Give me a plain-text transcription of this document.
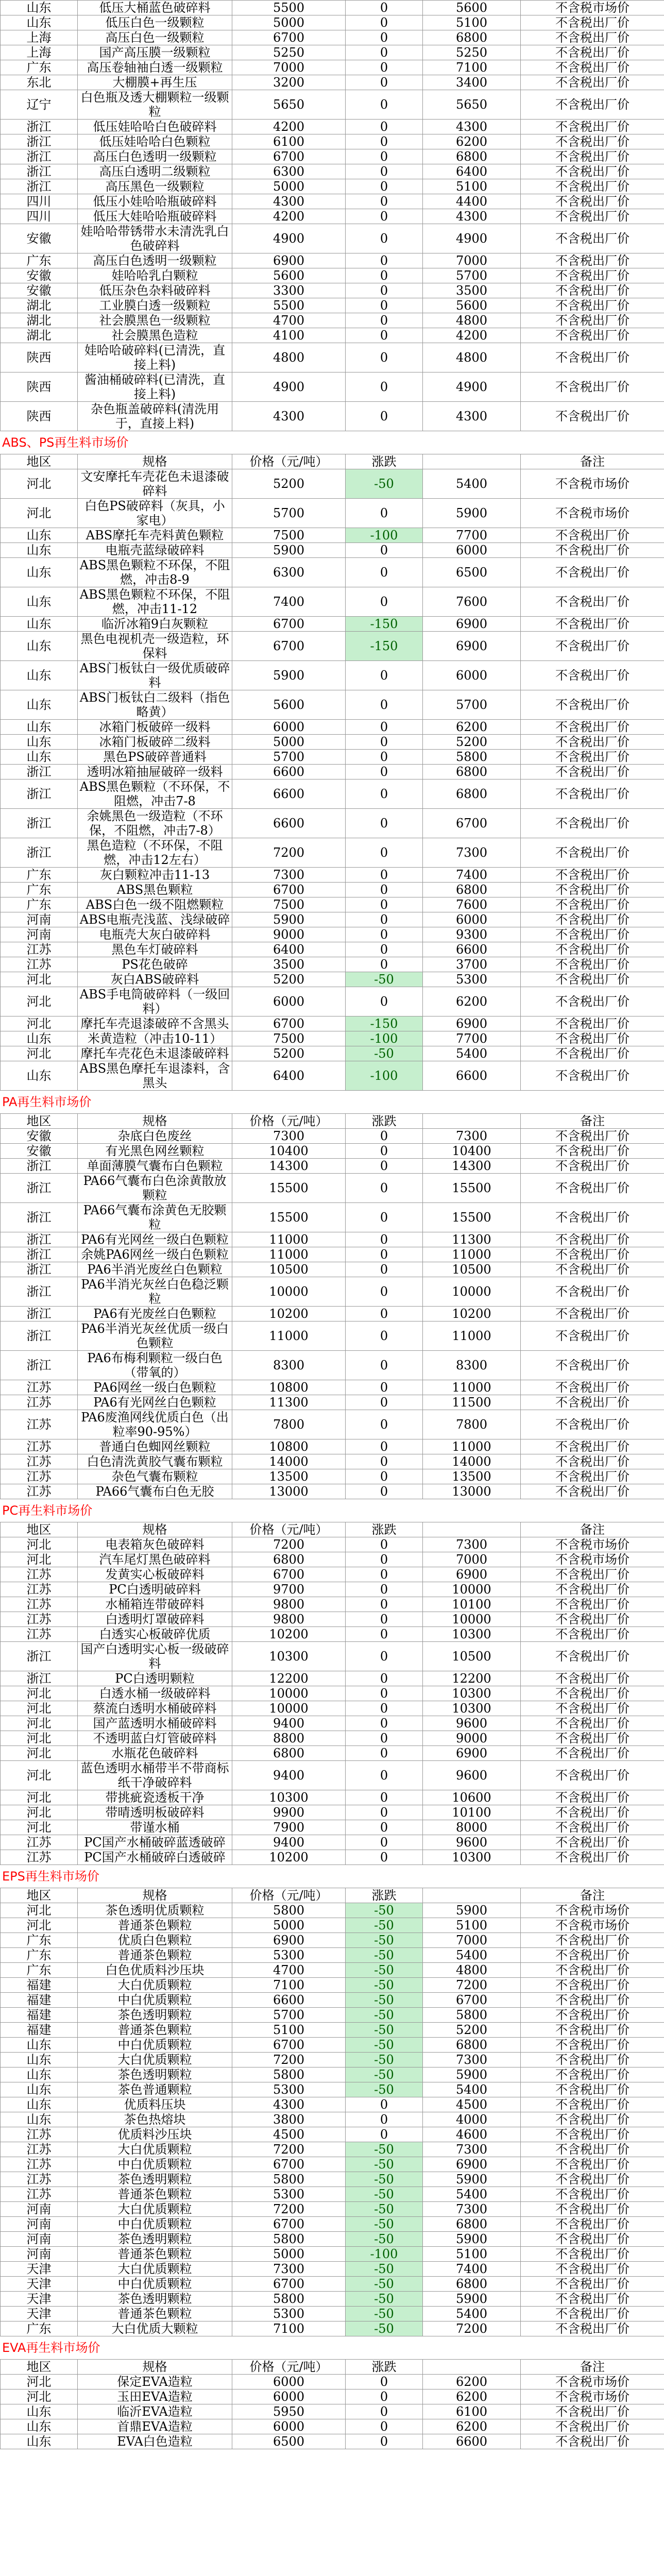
山东	低压大桶蓝色破碎料	5500	0	5600	不含税市场价
山东	低压白色一级颗粒	5000	0	5100	不含税出厂价
上海	高压白色一级颗粒	6700	0	6800	不含税出厂价
上海	国产高压膜一级颗粒	5250	0	5250	不含税出厂价
广东	高压卷轴袖白透一级颗粒	7000	0	7100	不含税出厂价
东北	大棚膜+再生压	3200	0	3400	不含税出厂价
辽宁	白色瓶及透大棚颗粒一级颗粒	5650	0	5650	不含税出厂价
浙江	低压娃哈哈白色破碎料	4200	0	4300	不含税出厂价
浙江	低压娃哈哈白色颗粒	6100	0	6200	不含税出厂价
浙江	高压白色透明一级颗粒	6700	0	6800	不含税出厂价
浙江	高压白透明二级颗粒	6300	0	6400	不含税出厂价
浙江	高压黑色一级颗粒	5000	0	5100	不含税出厂价
四川	低压小娃哈哈瓶破碎料	4300	0	4400	不含税出厂价
四川	低压大娃哈哈瓶破碎料	4200	0	4300	不含税出厂价
安徽	娃哈哈带锈带水未清洗乳白色破碎料	4900	0	4900	不含税出厂价
广东	高压白色透明一级颗粒	6900	0	7000	不含税出厂价
安徽	娃哈哈乳白颗粒	5600	0	5700	不含税出厂价
安徽	低压杂色杂料破碎料	3300	0	3500	不含税出厂价
湖北	工业膜白透一级颗粒	5500	0	5600	不含税出厂价
湖北	社会膜黑色一级颗粒	4700	0	4800	不含税出厂价
湖北	社会膜黑色造粒	4100	0	4200	不含税出厂价
陕西	娃哈哈破碎料(已清洗，直接上料)	4800	0	4800	不含税出厂价
陕西	酱油桶破碎料(已清洗，直接上料)	4900	0	4900	不含税出厂价
陕西	杂色瓶盖破碎料(清洗用于，直接上料)	4300	0	4300	不含税出厂价
ABS、PS再生料市场价
地区	规格	价格（元/吨）	涨跌		备注
河北	文安摩托车壳花色未退漆破碎料	5200	-50	5400	不含税市场价
河北	白色PS破碎料（灰具，小家电）	5700	0	5900	不含税市场价
山东	ABS摩托车壳料黄色颗粒	7500	-100	7700	不含税出厂价
山东	电瓶壳蓝绿破碎料	5900	0	6000	不含税出厂价
山东	ABS黑色颗粒不环保，不阻燃，冲击8-9	6300	0	6500	不含税出厂价
山东	ABS黑色颗粒不环保，不阻燃，冲击11-12	7400	0	7600	不含税出厂价
山东	临沂冰箱9白灰颗粒	6700	-150	6900	不含税出厂价
山东	黑色电视机壳一级造粒，环保料	6700	-150	6900	不含税出厂价
山东	ABS门板钛白一级优质破碎料	5900	0	6000	不含税出厂价
山东	ABS门板钛白二级料（指色略黄）	5600	0	5700	不含税出厂价
山东	冰箱门板破碎一级料	6000	0	6200	不含税出厂价
山东	冰箱门板破碎二级料	5000	0	5200	不含税出厂价
山东	黑色PS破碎普通料	5700	0	5800	不含税出厂价
浙江	透明冰箱抽屉破碎一级料	6600	0	6800	不含税出厂价
浙江	ABS黑色颗粒（不环保，不阻燃，冲击7-8	6600	0	6800	不含税出厂价
浙江	余姚黑色一级造粒（不环保，不阻燃，冲击7-8）	6600	0	6700	不含税出厂价
浙江	黑色造粒（不环保，不阻燃，冲击12左右）	7200	0	7300	不含税出厂价
广东	灰白颗粒冲击11-13	7300	0	7400	不含税出厂价
广东	ABS黑色颗粒	6700	0	6800	不含税出厂价
广东	ABS白色一级不阻燃颗粒	7500	0	7600	不含税出厂价
河南	ABS电瓶壳浅蓝、浅绿破碎	5900	0	6000	不含税出厂价
河南	电瓶壳大灰白破碎料	9000	0	9300	不含税出厂价
江苏	黑色车灯破碎料	6400	0	6600	不含税出厂价
江苏	PS花色破碎	3500	0	3700	不含税出厂价
河北	灰白ABS破碎料	5200	-50	5300	不含税出厂价
河北	ABS手电筒破碎料（一级回料）	6000	0	6200	不含税出厂价
河北	摩托车壳退漆破碎不含黑头	6700	-150	6900	不含税出厂价
山东	米黄造粒（冲击10-11）	7500	-100	7700	不含税出厂价
河北	摩托车壳花色未退漆破碎料	5200	-50	5400	不含税出厂价
山东	ABS黑色摩托车退漆料，含黑头	6400	-100	6600	不含税出厂价
PA再生料市场价
地区	规格	价格（元/吨）	涨跌		备注
安徽	杂底白色废丝	7300	0	7300	不含税出厂价
安徽	有光黑色网丝颗粒	10400	0	10400	不含税出厂价
浙江	单面薄膜气囊布白色颗粒	14300	0	14300	不含税出厂价
浙江	PA66气囊布白色涂黄散放颗粒	15500	0	15500	不含税出厂价
浙江	PA66气囊布涂黄色无胶颗粒	15500	0	15500	不含税出厂价
浙江	PA6有光网丝一级白色颗粒	11000	0	11300	不含税出厂价
浙江	余姚PA6网丝一级白色颗粒	11000	0	11000	不含税出厂价
浙江	PA6半消光废丝白色颗粒	10500	0	10500	不含税出厂价
浙江	PA6半消光灰丝白色稳泛颗粒	10000	0	10000	不含税出厂价
浙江	PA6有光废丝白色颗粒	10200	0	10200	不含税出厂价
浙江	PA6半消光灰丝优质一级白色颗粒	11000	0	11000	不含税出厂价
浙江	PA6布梅利颗粒一级白色（带氧的）	8300	0	8300	不含税出厂价
江苏	PA6网丝一级白色颗粒	10800	0	11000	不含税出厂价
江苏	PA6有光网丝白色颗粒	11300	0	11500	不含税出厂价
江苏	PA6废渔网线优质白色（出粒率90-95%）	7800	0	7800	不含税出厂价
江苏	普通白色蜘网丝颗粒	10800	0	11000	不含税出厂价
江苏	白色清洗黄胶气囊布颗粒	14000	0	14000	不含税出厂价
江苏	杂色气囊布颗粒	13500	0	13500	不含税出厂价
江苏	PA66气囊布白色无胶	13000	0	13000	不含税出厂价
PC再生料市场价
地区	规格	价格（元/吨）	涨跌		备注
河北	电表箱灰色破碎料	7200	0	7300	不含税市场价
河北	汽车尾灯黑色破碎料	6800	0	7000	不含税市场价
江苏	发黄实心板破碎料	6700	0	6900	不含税出厂价
江苏	PC白透明破碎料	9700	0	10000	不含税出厂价
江苏	水桶箱连带破碎料	9800	0	10100	不含税出厂价
江苏	白透明灯罩破碎料	9800	0	10000	不含税出厂价
江苏	白透实心板破碎优质	10200	0	10300	不含税出厂价
浙江	国产白透明实心板一级破碎料	10300	0	10500	不含税出厂价
浙江	PC白透明颗粒	12200	0	12200	不含税出厂价
河北	白透水桶一级破碎料	10000	0	10300	不含税出厂价
河北	蔡流白透明水桶破碎料	10000	0	10300	不含税出厂价
河北	国产蓝透明水桶破碎料	9400	0	9600	不含税出厂价
河北	不透明蓝白灯管破碎料	8800	0	9000	不含税出厂价
河北	水瓶花色破碎料	6800	0	6900	不含税出厂价
河北	蓝色透明水桶带半不带商标纸干净破碎料	9400	0	9600	不含税出厂价
河北	带挑疵瓷透板干净	10300	0	10600	不含税出厂价
河北	带晴透明板破碎料	9900	0	10100	不含税出厂价
河北	带谨水桶	7900	0	8000	不含税出厂价
江苏	PC国产水桶破碎蓝透破碎	9400	0	9600	不含税出厂价
江苏	PC国产水桶破碎白透破碎	10200	0	10300	不含税出厂价
EPS再生料市场价
地区	规格	价格（元/吨）	涨跌		备注
河北	茶色透明优质颗粒	5800	-50	5900	不含税市场价
河北	普通茶色颗粒	5000	-50	5100	不含税市场价
广东	优质白色颗粒	6900	-50	7000	不含税出厂价
广东	普通茶色颗粒	5300	-50	5400	不含税出厂价
广东	白色优质料沙压块	4700	-50	4800	不含税出厂价
福建	大白优质颗粒	7100	-50	7200	不含税出厂价
福建	中白优质颗粒	6600	-50	6700	不含税出厂价
福建	茶色透明颗粒	5700	-50	5800	不含税出厂价
福建	普通茶色颗粒	5100	-50	5200	不含税出厂价
山东	中白优质颗粒	6700	-50	6800	不含税出厂价
山东	大白优质颗粒	7200	-50	7300	不含税出厂价
山东	茶色透明颗粒	5800	-50	5900	不含税出厂价
山东	茶色普通颗粒	5300	-50	5400	不含税出厂价
山东	优质料压块	4300	0	4500	不含税出厂价
山东	茶色热熔块	3800	0	4000	不含税出厂价
江苏	优质料沙压块	4500	0	4600	不含税出厂价
江苏	大白优质颗粒	7200	-50	7300	不含税出厂价
江苏	中白优质颗粒	6700	-50	6900	不含税出厂价
江苏	茶色透明颗粒	5800	-50	5900	不含税出厂价
江苏	普通茶色颗粒	5300	-50	5400	不含税出厂价
河南	大白优质颗粒	7200	-50	7300	不含税出厂价
河南	中白优质颗粒	6700	-50	6800	不含税出厂价
河南	茶色透明颗粒	5800	-50	5900	不含税出厂价
河南	普通茶色颗粒	5000	-100	5100	不含税出厂价
天津	大白优质颗粒	7300	-50	7400	不含税出厂价
天津	中白优质颗粒	6700	-50	6800	不含税出厂价
天津	茶色透明颗粒	5800	-50	5900	不含税出厂价
天津	普通茶色颗粒	5300	-50	5400	不含税出厂价
广东	大白优质大颗粒	7100	-50	7200	不含税出厂价
EVA再生料市场价
地区	规格	价格（元/吨）	涨跌		备注
河北	保定EVA造粒	6000	0	6200	不含税市场价
河北	玉田EVA造粒	6000	0	6200	不含税市场价
山东	临沂EVA造粒	5950	0	6100	不含税出厂价
山东	首鼎EVA造粒	6000	0	6200	不含税出厂价
山东	EVA白色造粒	6500	0	6600	不含税出厂价
